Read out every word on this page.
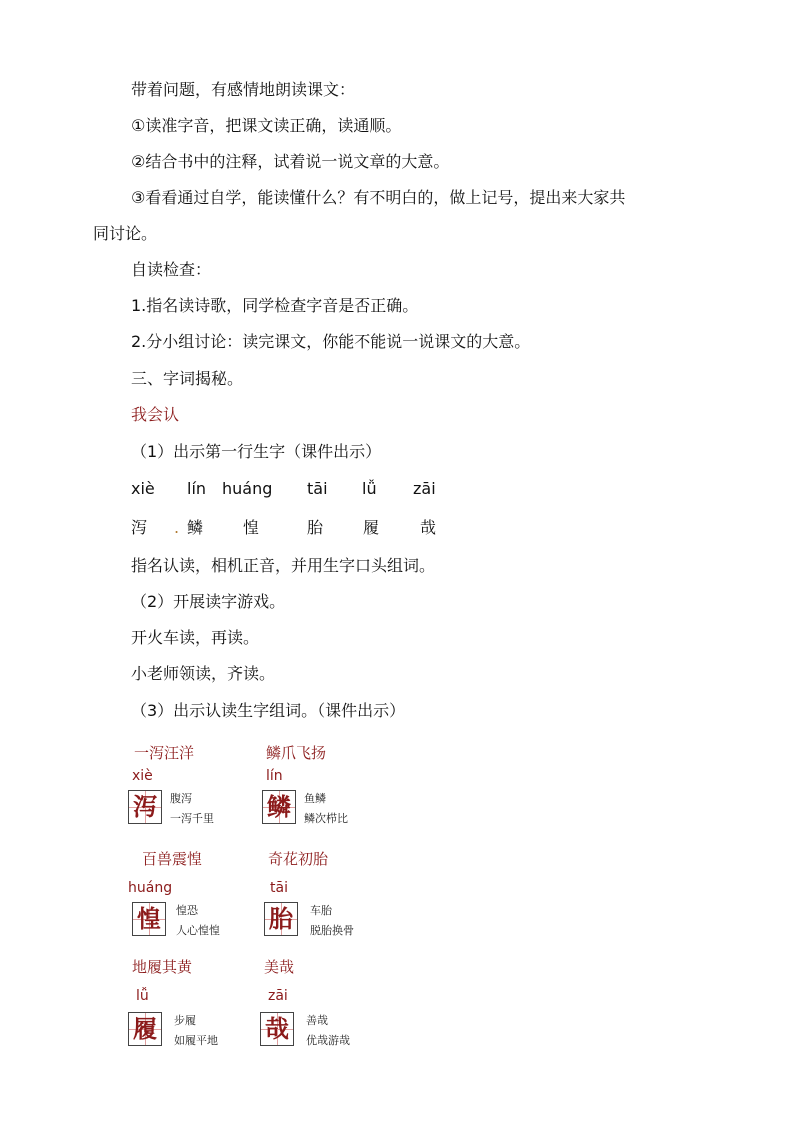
带着问题，有感情地朗读课文：
①读准字音，把课文读正确，读通顺。
②结合书中的注释，试着说一说文章的大意。
③看看通过自学，能读懂什么？有不明白的，做上记号，提出来大家共
同讨论。
自读检查：
1.指名读诗歌，同学检查字音是否正确。
2.分小组讨论：读完课文，你能不能说一说课文的大意。
三、字词揭秘。
我会认
（1）出示第一行生字（课件出示）
xiè lín huáng tāi lǚ zāi
泻 . 鳞 惶	胎 履	哉
指名认读，相机正音，并用生字口头组词。
（2）开展读字游戏。
开火车读，再读。
小老师领读，齐读。
（3）出示认读生字组词。（课件出示）
一泻汪洋
xiè
泻	腹泻
一泻千里
鳞爪飞扬
lín
鳞	鱼鳞
鳞次栉比
百兽震惶
huáng
惶	惶恐
人心惶惶
奇花初胎
tāi
胎	车胎
脱胎换骨
地履其黄
lǚ
履	步履
如履平地
美哉
zāi
哉	善哉
优哉游哉
